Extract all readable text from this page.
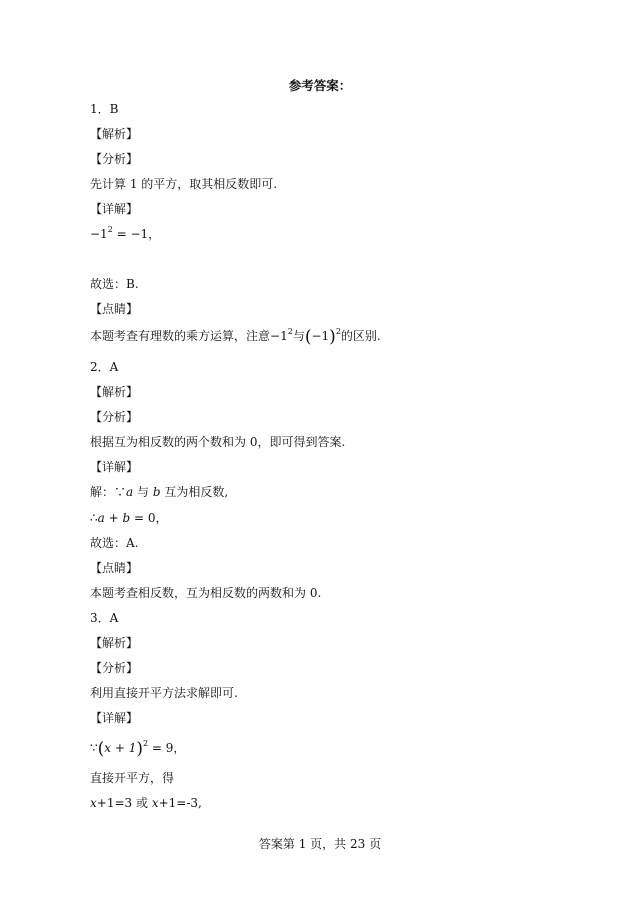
参考答案：
1．B
【解析】
【分析】
先计算 1 的平方，取其相反数即可.
【详解】
$-1^2 = -1$，
故选：B.
【点睛】
本题考查有理数的乘方运算，注意$-1^2$与$(-1)^2$的区别.
2．A
【解析】
【分析】
根据互为相反数的两个数和为 0，即可得到答案.
【详解】
解：∵a 与 b 互为相反数,
∴a + b = 0，
故选：A.
【点睛】
本题考查相反数，互为相反数的两数和为 0.
3．A
【解析】
【分析】
利用直接开平方法求解即可.
【详解】
∵(x + 1)$^2$ = 9，
直接开平方，得
x+1=3 或 x+1=-3,
答案第 1 页，共 23 页
